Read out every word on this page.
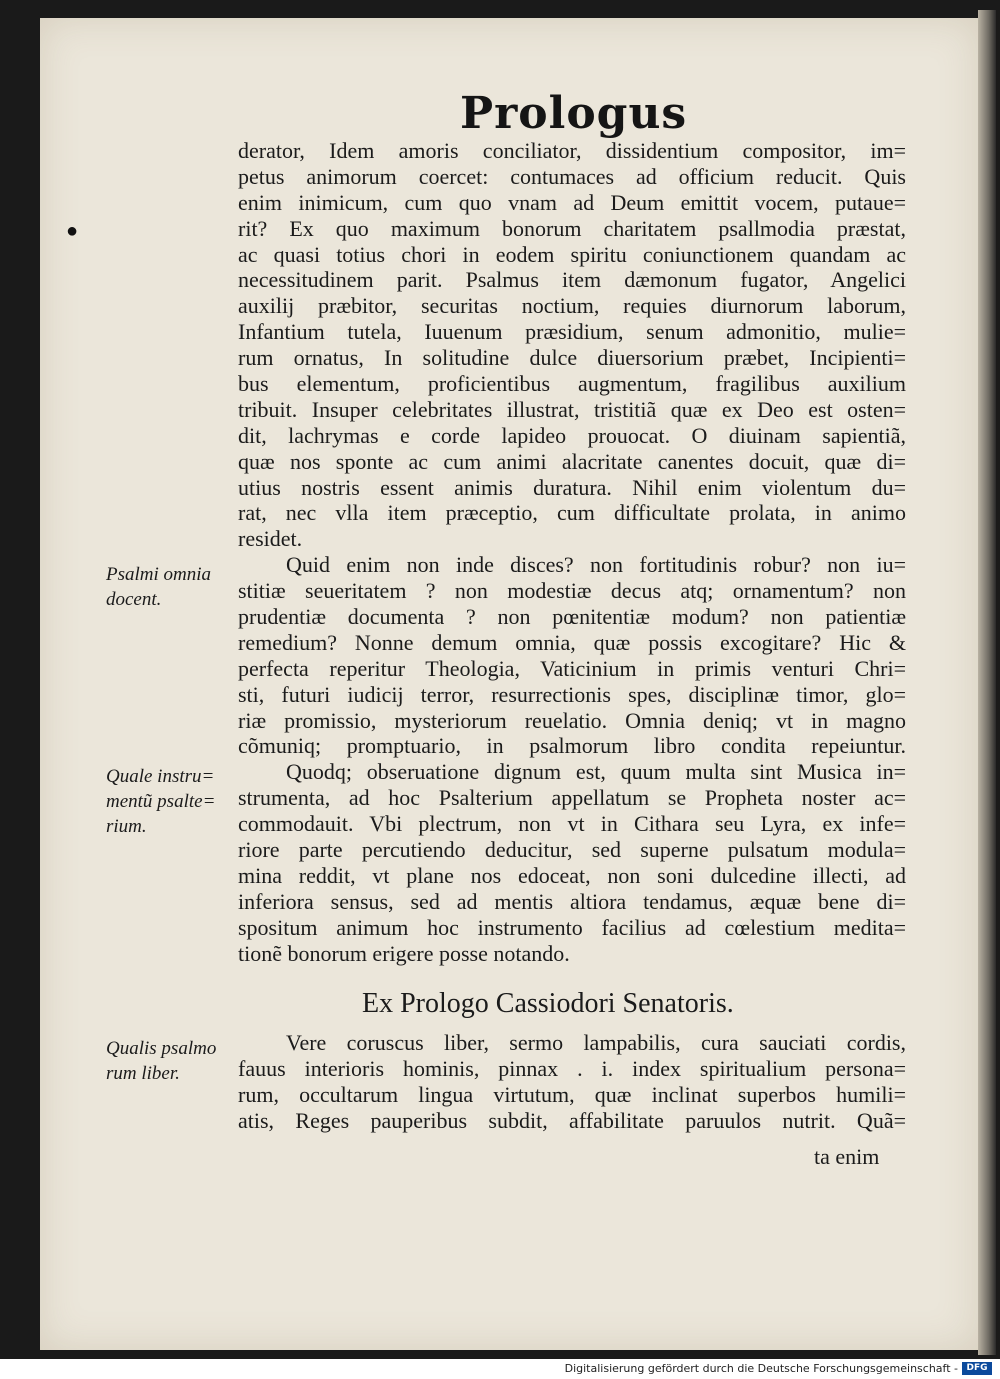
Prologus
●
derator, Idem amoris conciliator, dissidentium compositor, im=
petus animorum coercet: contumaces ad officium reducit. Quis
enim inimicum, cum quo vnam ad Deum emittit vocem, putaue=
rit? Ex quo maximum bonorum charitatem psallmodia præstat,
ac quasi totius chori in eodem spiritu coniunctionem quandam ac
necessitudinem parit. Psalmus item dæmonum fugator, Angelici
auxilij præbitor, securitas noctium, requies diurnorum laborum,
Infantium tutela, Iuuenum præsidium, senum admonitio, mulie=
rum ornatus, In solitudine dulce diuersorium præbet, Incipienti=
bus elementum, proficientibus augmentum, fragilibus auxilium
tribuit. Insuper celebritates illustrat, tristitiã quæ ex Deo est osten=
dit, lachrymas e corde lapideo prouocat. O diuinam sapientiã,
quæ nos sponte ac cum animi alacritate canentes docuit, quæ di=
utius nostris essent animis duratura. Nihil enim violentum du=
rat, nec vlla item præceptio, cum difficultate prolata, in animo
residet.
Quid enim non inde disces? non fortitudinis robur? non iu=
stitiæ seueritatem ? non modestiæ decus atq; ornamentum? non
prudentiæ documenta ? non pœnitentiæ modum? non patientiæ
remedium? Nonne demum omnia, quæ possis excogitare? Hic &
perfecta reperitur Theologia, Vaticinium in primis venturi Chri=
sti, futuri iudicij terror, resurrectionis spes, disciplinæ timor, glo=
riæ promissio, mysteriorum reuelatio. Omnia deniq; vt in magno
cõmuniq; promptuario, in psalmorum libro condita repeiuntur.
Quodq; obseruatione dignum est, quum multa sint Musica in=
strumenta, ad hoc Psalterium appellatum se Propheta noster ac=
commodauit. Vbi plectrum, non vt in Cithara seu Lyra, ex infe=
riore parte percutiendo deducitur, sed superne pulsatum modula=
mina reddit, vt plane nos edoceat, non soni dulcedine illecti, ad
inferiora sensus, sed ad mentis altiora tendamus, æquæ bene di=
spositum animum hoc instrumento facilius ad cœlestium medita=
tionẽ bonorum erigere posse notando.
Ex Prologo Cassiodori Senatoris.
Vere coruscus liber, sermo lampabilis, cura sauciati cordis,
fauus interioris hominis, pinnax . i. index spiritualium persona=
rum, occultarum lingua virtutum, quæ inclinat superbos humili=
atis, Reges pauperibus subdit, affabilitate paruulos nutrit. Quã=
ta enim
Psalmi omnia
docent.
Quale instru=
mentũ psalte=
rium.
Qualis psalmo
rum liber.
Digitalisierung gefördert durch die Deutsche Forschungsgemeinschaft - DFG
